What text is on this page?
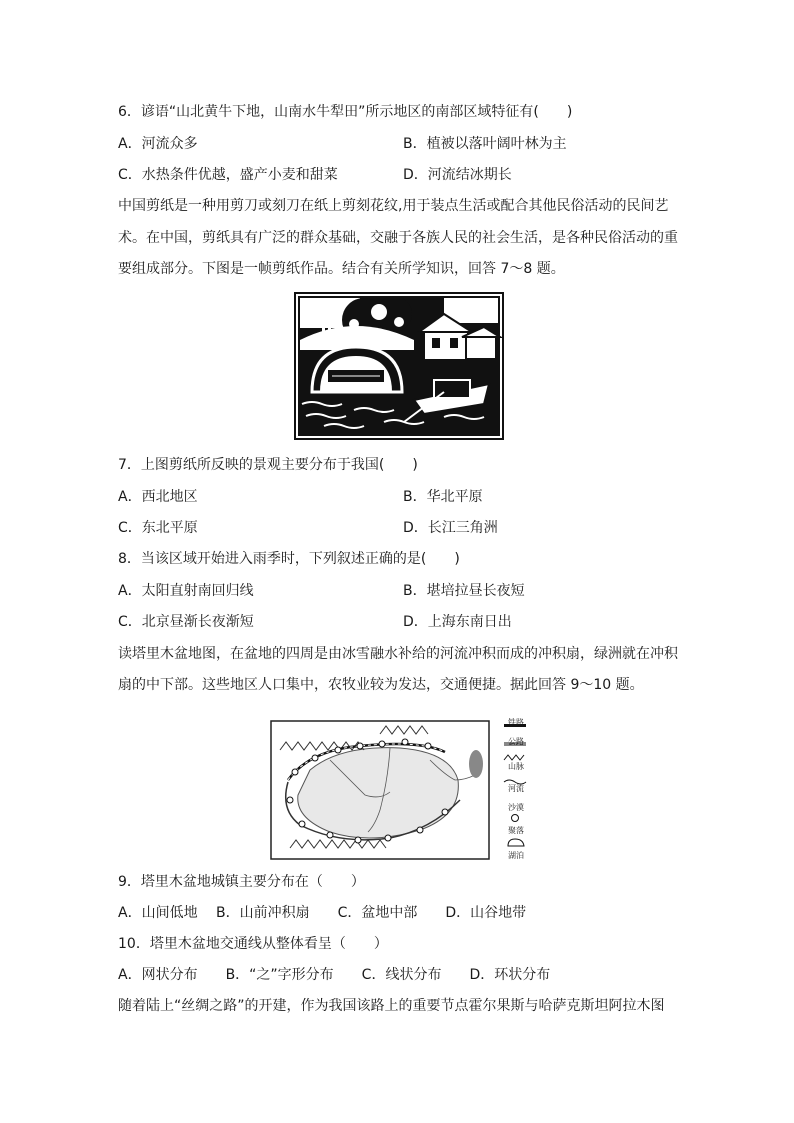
6．谚语“山北黄牛下地，山南水牛犁田”所示地区的南部区域特征有(　　)
A．河流众多	B．植被以落叶阔叶林为主
C．水热条件优越，盛产小麦和甜菜	D．河流结冰期长
中国剪纸是一种用剪刀或刻刀在纸上剪刻花纹,用于装点生活或配合其他民俗活动的民间艺
术。在中国，剪纸具有广泛的群众基础，交融于各族人民的社会生活，是各种民俗活动的重
要组成部分。下图是一帧剪纸作品。结合有关所学知识，回答 7～8 题。
7．上图剪纸所反映的景观主要分布于我国(　　)
A．西北地区	B．华北平原
C．东北平原	D．长江三角洲
8．当该区域开始进入雨季时，下列叙述正确的是(　　)
A．太阳直射南回归线	B．堪培拉昼长夜短
C．北京昼渐长夜渐短	D．上海东南日出
读塔里木盆地图，在盆地的四周是由冰雪融水补给的河流冲积而成的冲积扇，绿洲就在冲积
扇的中下部。这些地区人口集中，农牧业较为发达，交通便捷。据此回答 9～10 题。
铁路
公路
山脉
河流
沙漠
聚落
湖泊
9．塔里木盆地城镇主要分布在（　　）
A．山间低地　 B．山前冲积扇　　C．盆地中部　　D．山谷地带
10．塔里木盆地交通线从整体看呈（　　）
A．网状分布　　B．“之”字形分布　　C．线状分布　　D．环状分布
随着陆上“丝绸之路”的开建，作为我国该路上的重要节点霍尔果斯与哈萨克斯坦阿拉木图
